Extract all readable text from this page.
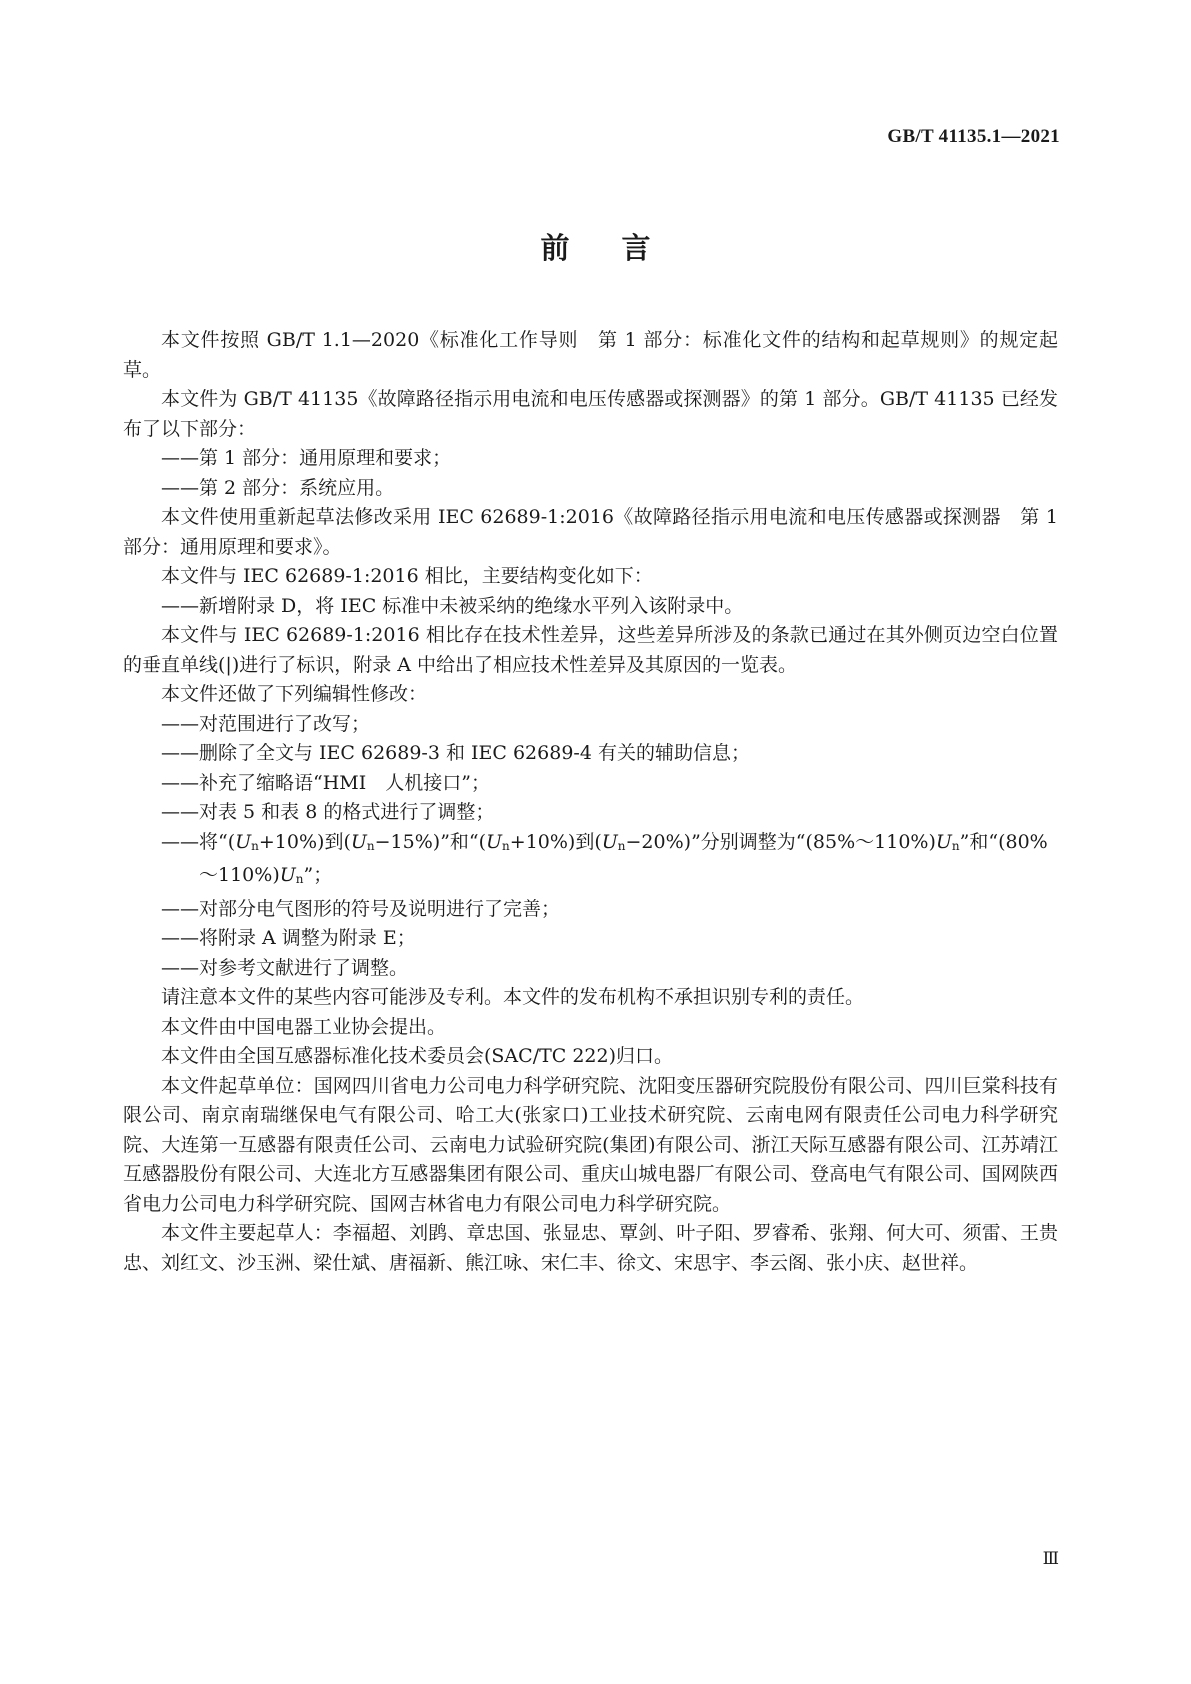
GB/T 41135.1—2021
前言

本文件按照 GB/T 1.1—2020《标准化工作导则　第 1 部分：标准化文件的结构和起草规则》的规定起草。

本文件为 GB/T 41135《故障路径指示用电流和电压传感器或探测器》的第 1 部分。GB/T 41135 已经发布了以下部分：

——第 1 部分：通用原理和要求；

——第 2 部分：系统应用。

本文件使用重新起草法修改采用 IEC 62689-1:2016《故障路径指示用电流和电压传感器或探测器　第 1 部分：通用原理和要求》。

本文件与 IEC 62689-1:2016 相比，主要结构变化如下：

——新增附录 D，将 IEC 标准中未被采纳的绝缘水平列入该附录中。

本文件与 IEC 62689-1:2016 相比存在技术性差异，这些差异所涉及的条款已通过在其外侧页边空白位置的垂直单线(|)进行了标识，附录 A 中给出了相应技术性差异及其原因的一览表。

本文件还做了下列编辑性修改：

——对范围进行了改写；

——删除了全文与 IEC 62689-3 和 IEC 62689-4 有关的辅助信息；

——补充了缩略语“HMI　人机接口”；

——对表 5 和表 8 的格式进行了调整；

——将“(Un+10%)到(Un−15%)”和“(Un+10%)到(Un−20%)”分别调整为“(85%～110%)Un”和“(80%～110%)Un”；

——对部分电气图形的符号及说明进行了完善；

——将附录 A 调整为附录 E；

——对参考文献进行了调整。

请注意本文件的某些内容可能涉及专利。本文件的发布机构不承担识别专利的责任。

本文件由中国电器工业协会提出。

本文件由全国互感器标准化技术委员会(SAC/TC 222)归口。

本文件起草单位：国网四川省电力公司电力科学研究院、沈阳变压器研究院股份有限公司、四川巨棠科技有限公司、南京南瑞继保电气有限公司、哈工大(张家口)工业技术研究院、云南电网有限责任公司电力科学研究院、大连第一互感器有限责任公司、云南电力试验研究院(集团)有限公司、浙江天际互感器有限公司、江苏靖江互感器股份有限公司、大连北方互感器集团有限公司、重庆山城电器厂有限公司、登高电气有限公司、国网陕西省电力公司电力科学研究院、国网吉林省电力有限公司电力科学研究院。

本文件主要起草人：李福超、刘鹍、章忠国、张显忠、覃剑、叶子阳、罗睿希、张翔、何大可、须雷、王贵忠、刘红文、沙玉洲、梁仕斌、唐福新、熊江咏、宋仁丰、徐文、宋思宇、李云阁、张小庆、赵世祥。

Ⅲ
